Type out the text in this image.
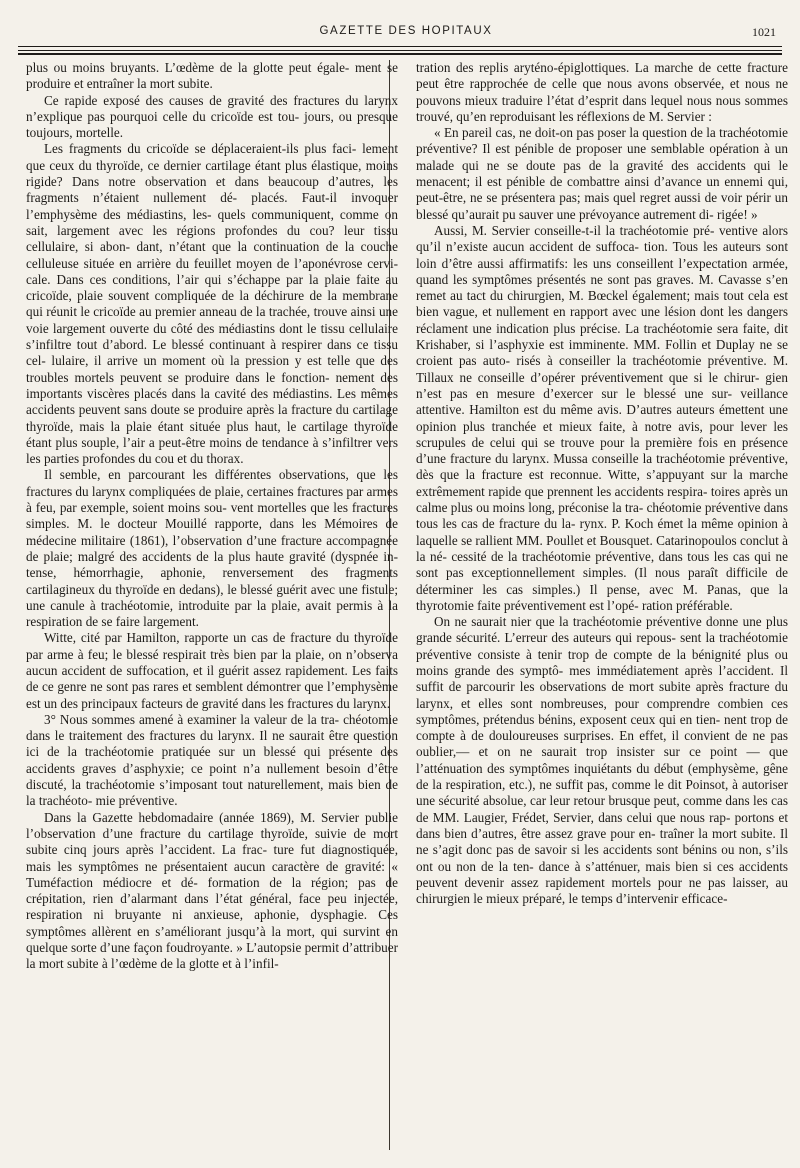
GAZETTE DES HOPITAUX	1021

plus ou moins bruyants. L’œdème de la glotte peut égale- ment se produire et entraîner la mort subite.

Ce rapide exposé des causes de gravité des fractures du larynx n’explique pas pourquoi celle du cricoïde est tou- jours, ou presque toujours, mortelle.

Les fragments du cricoïde se déplaceraient-ils plus faci- lement que ceux du thyroïde, ce dernier cartilage étant plus élastique, moins rigide? Dans notre observation et dans beaucoup d’autres, les fragments n’étaient nullement dé- placés. Faut-il invoquer l’emphysème des médiastins, les- quels communiquent, comme on sait, largement avec les régions profondes du cou? leur tissu cellulaire, si abon- dant, n’étant que la continuation de la couche celluleuse située en arrière du feuillet moyen de l’aponévrose cervi- cale. Dans ces conditions, l’air qui s’échappe par la plaie faite au cricoïde, plaie souvent compliquée de la déchirure de la membrane qui réunit le cricoïde au premier anneau de la trachée, trouve ainsi une voie largement ouverte du côté des médiastins dont le tissu cellulaire s’infiltre tout d’abord. Le blessé continuant à respirer dans ce tissu cel- lulaire, il arrive un moment où la pression y est telle que des troubles mortels peuvent se produire dans le fonction- nement des importants viscères placés dans la cavité des médiastins. Les mêmes accidents peuvent sans doute se produire après la fracture du cartilage thyroïde, mais la plaie étant située plus haut, le cartilage thyroïde étant plus souple, l’air a peut-être moins de tendance à s’infiltrer vers les parties profondes du cou et du thorax.

Il semble, en parcourant les différentes observations, que les fractures du larynx compliquées de plaie, certaines fractures par armes à feu, par exemple, soient moins sou- vent mortelles que les fractures simples. M. le docteur Mouillé rapporte, dans les Mémoires de médecine militaire (1861), l’observation d’une fracture accompagnée de plaie; malgré des accidents de la plus haute gravité (dyspnée in- tense, hémorrhagie, aphonie, renversement des fragments cartilagineux du thyroïde en dedans), le blessé guérit avec une fistule; une canule à trachéotomie, introduite par la plaie, avait permis à la respiration de se faire largement.

Witte, cité par Hamilton, rapporte un cas de fracture du thyroïde par arme à feu; le blessé respirait très bien par la plaie, on n’observa aucun accident de suffocation, et il guérit assez rapidement. Les faits de ce genre ne sont pas rares et semblent démontrer que l’emphysème est un des principaux facteurs de gravité dans les fractures du larynx.

3° Nous sommes amené à examiner la valeur de la tra- chéotomie dans le traitement des fractures du larynx. Il ne saurait être question ici de la trachéotomie pratiquée sur un blessé qui présente des accidents graves d’asphyxie; ce point n’a nullement besoin d’être discuté, la trachéotomie s’imposant tout naturellement, mais bien de la trachéoto- mie préventive.

Dans la Gazette hebdomadaire (année 1869), M. Servier publie l’observation d’une fracture du cartilage thyroïde, suivie de mort subite cinq jours après l’accident. La frac- ture fut diagnostiquée, mais les symptômes ne présentaient aucun caractère de gravité: « Tuméfaction médiocre et dé- formation de la région; pas de crépitation, rien d’alarmant dans l’état général, face peu injectée, respiration ni bruyante ni anxieuse, aphonie, dysphagie. Ces symptômes allèrent en s’améliorant jusqu’à la mort, qui survint en quelque sorte d’une façon foudroyante. » L’autopsie permit d’attribuer la mort subite à l’œdème de la glotte et à l’infil-

tration des replis aryténo-épiglottiques. La marche de cette fracture peut être rapprochée de celle que nous avons observée, et nous ne pouvons mieux traduire l’état d’esprit dans lequel nous nous sommes trouvé, qu’en reproduisant les réflexions de M. Servier :

« En pareil cas, ne doit-on pas poser la question de la trachéotomie préventive? Il est pénible de proposer une semblable opération à un malade qui ne se doute pas de la gravité des accidents qui le menacent; il est pénible de combattre ainsi d’avance un ennemi qui, peut-être, ne se présentera pas; mais quel regret aussi de voir périr un blessé qu’aurait pu sauver une prévoyance autrement di- rigée! »

Aussi, M. Servier conseille-t-il la trachéotomie pré- ventive alors qu’il n’existe aucun accident de suffoca- tion. Tous les auteurs sont loin d’être aussi affirmatifs: les uns conseillent l’expectation armée, quand les symptômes présentés ne sont pas graves. M. Cavasse s’en remet au tact du chirurgien, M. Bœckel également; mais tout cela est bien vague, et nullement en rapport avec une lésion dont les dangers réclament une indication plus précise. La trachéotomie sera faite, dit Krishaber, si l’asphyxie est imminente. MM. Follin et Duplay ne se croient pas auto- risés à conseiller la trachéotomie préventive. M. Tillaux ne conseille d’opérer préventivement que si le chirur- gien n’est pas en mesure d’exercer sur le blessé une sur- veillance attentive. Hamilton est du même avis. D’autres auteurs émettent une opinion plus tranchée et mieux faite, à notre avis, pour lever les scrupules de celui qui se trouve pour la première fois en présence d’une fracture du larynx. Mussa conseille la trachéotomie préventive, dès que la fracture est reconnue. Witte, s’appuyant sur la marche extrêmement rapide que prennent les accidents respira- toires après un calme plus ou moins long, préconise la tra- chéotomie préventive dans tous les cas de fracture du la- rynx. P. Koch émet la même opinion à laquelle se rallient MM. Poullet et Bousquet. Catarinopoulos conclut à la né- cessité de la trachéotomie préventive, dans tous les cas qui ne sont pas exceptionnellement simples. (Il nous paraît difficile de déterminer les cas simples.) Il pense, avec M. Panas, que la thyrotomie faite préventivement est l’opé- ration préférable.

On ne saurait nier que la trachéotomie préventive donne une plus grande sécurité. L’erreur des auteurs qui repous- sent la trachéotomie préventive consiste à tenir trop de compte de la bénignité plus ou moins grande des symptô- mes immédiatement après l’accident. Il suffit de parcourir les observations de mort subite après fracture du larynx, et elles sont nombreuses, pour comprendre combien ces symptômes, prétendus bénins, exposent ceux qui en tien- nent trop de compte à de douloureuses surprises. En effet, il convient de ne pas oublier,— et on ne saurait trop insister sur ce point — que l’atténuation des symptômes inquiétants du début (emphysème, gêne de la respiration, etc.), ne suffit pas, comme le dit Poinsot, à autoriser une sécurité absolue, car leur retour brusque peut, comme dans les cas de MM. Laugier, Frédet, Servier, dans celui que nous rap- portons et dans bien d’autres, être assez grave pour en- traîner la mort subite. Il ne s’agit donc pas de savoir si les accidents sont bénins ou non, s’ils ont ou non de la ten- dance à s’atténuer, mais bien si ces accidents peuvent devenir assez rapidement mortels pour ne pas laisser, au chirurgien le mieux préparé, le temps d’intervenir efficace-
